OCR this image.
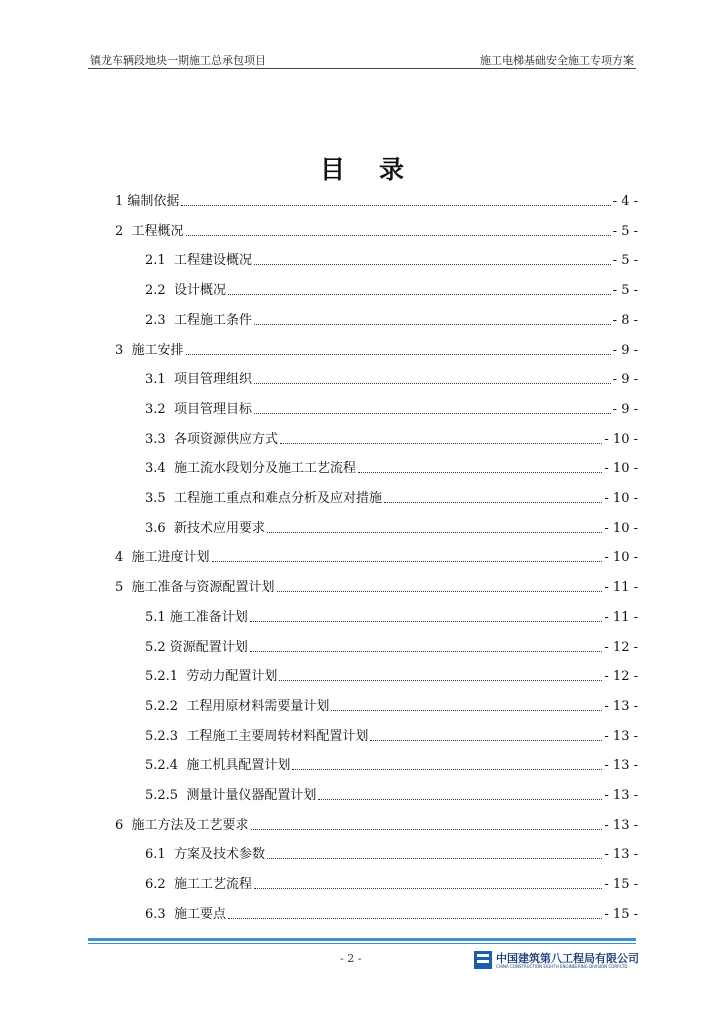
镇龙车辆段地块一期施工总承包项目	施工电梯基础安全施工专项方案
目 录
1 编制依据	- 4 -
2  工程概况	- 5 -
2.1  工程建设概况	- 5 -
2.2  设计概况	- 5 -
2.3  工程施工条件	- 8 -
3  施工安排	- 9 -
3.1  项目管理组织	- 9 -
3.2  项目管理目标	- 9 -
3.3  各项资源供应方式	- 10 -
3.4  施工流水段划分及施工工艺流程	- 10 -
3.5  工程施工重点和难点分析及应对措施	- 10 -
3.6  新技术应用要求	- 10 -
4  施工进度计划	- 10 -
5  施工准备与资源配置计划	- 11 -
5.1 施工准备计划	- 11 -
5.2 资源配置计划	- 12 -
5.2.1  劳动力配置计划	- 12 -
5.2.2  工程用原材料需要量计划	- 13 -
5.2.3  工程施工主要周转材料配置计划	- 13 -
5.2.4  施工机具配置计划	- 13 -
5.2.5  测量计量仪器配置计划	- 13 -
6  施工方法及工艺要求	- 13 -
6.1  方案及技术参数	- 13 -
6.2  施工工艺流程	- 15 -
6.3  施工要点	- 15 -
- 2 -	中国建筑第八工程局有限公司
CHINA CONSTRUCTION EIGHTH ENGINEERING DIVISION CORP.LTD
